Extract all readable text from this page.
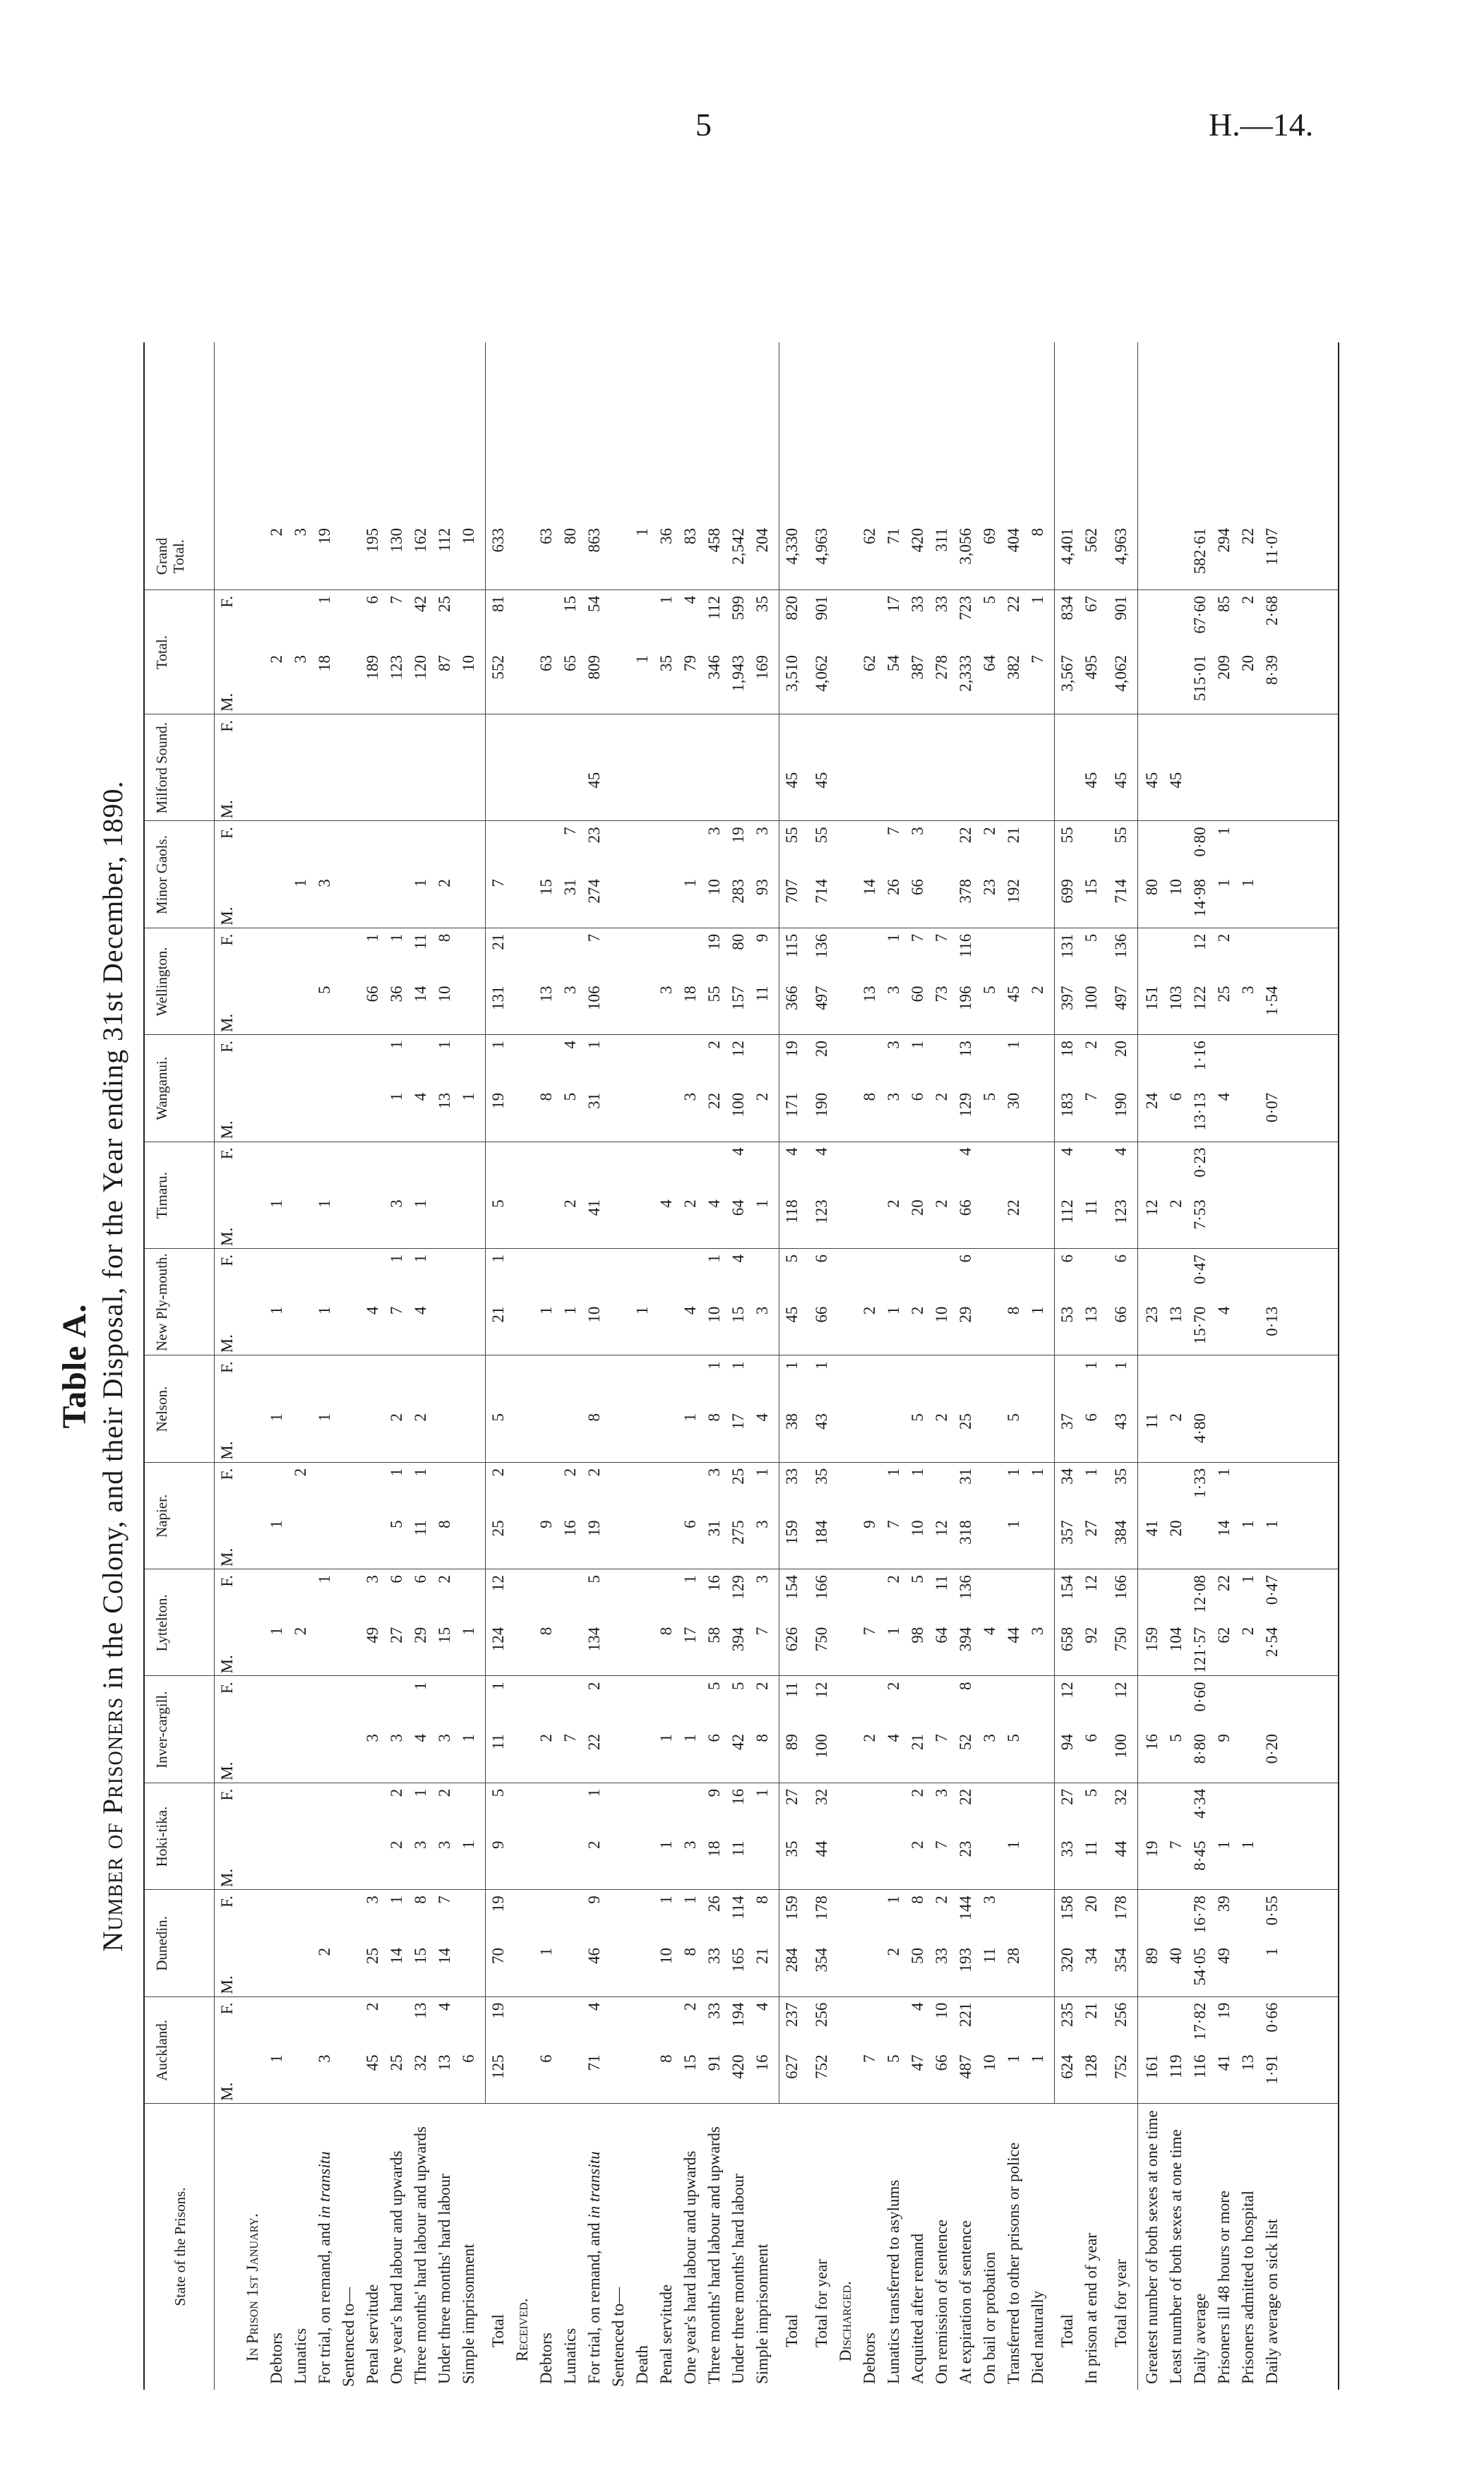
5	H.—14.
Table A.
Number of Prisoners in the Colony, and their Disposal, for the Year ending 31st December, 1890.
State of the Prisons.
Auckland.
Dunedin.
Hoki-tika.
Inver-cargill.
Lyttelton.
Napier.
Nelson.
New Ply-mouth.
Timaru.
Wanganui.
Wellington.
Minor Gaols.
Milford Sound.
Total.
Grand Total.
M.
F.
M.
F.
M.
F.
M.
F.
M.
F.
M.
F.
M.
F.
M.
F.
M.
F.
M.
F.
M.
F.
M.
F.
M.
F.
M.
F.
In Prison 1st January. Debtors
1
1
1
1
1
1
2
2
Lunatics
2
2
1
3
3
For trial, on remand, and in transitu
3
2
1
1
1
1
5
3
18
1
19
Sentenced to— Penal servitude
45
2
25
3
3
49
3
4
66
1
189
6
195
One year's hard labour and upwards
25
14
1
2
2
3
27
6
5
1
2
7
1
3
1
1
36
1
123
7
130
Three months' hard labour and upwards
32
13
15
8
3
1
4
1
29
6
11
1
2
4
1
1
4
14
11
1
120
42
162
Under three months' hard labour
13
4
14
7
3
2
3
15
2
8
13
1
10
8
2
87
25
112
Simple imprisonment
6
1
1
1
1
10
10
Total
125
19
70
19
9
5
11
1
124
12
25
2
5
21
1
5
19
1
131
21
7
552
81
633
Received. Debtors
6
1
2
8
9
1
8
13
15
63
63
Lunatics
7
16
2
1
2
5
4
3
31
7
65
15
80
For trial, on remand, and in transitu
71
4
46
9
2
1
22
2
134
5
19
2
8
10
41
31
1
106
7
274
23
45
809
54
863
Sentenced to— Death
1
1
1
Penal servitude
8
10
1
1
1
8
4
3
35
1
36
One year's hard labour and upwards
15
2
8
1
3
1
17
1
6
1
4
2
3
18
1
79
4
83
Three months' hard labour and upwards
91
33
33
26
18
9
6
5
58
16
31
3
8
1
10
1
4
22
2
55
19
10
3
346
112
458
Under three months' hard labour
420
194
165
114
11
16
42
5
394
129
275
25
17
1
15
4
64
4
100
12
157
80
283
19
1,943
599
2,542
Simple imprisonment
16
4
21
8
1
8
2
7
3
3
1
4
3
1
2
11
9
93
3
169
35
204
Total
627
237
284
159
35
27
89
11
626
154
159
33
38
1
45
5
118
4
171
19
366
115
707
55
45
3,510
820
4,330
Total for year
752
256
354
178
44
32
100
12
750
166
184
35
43
1
66
6
123
4
190
20
497
136
714
55
45
4,062
901
4,963
Discharged. Debtors
7
2
7
9
2
8
13
14
62
62
Lunatics transferred to asylums
5
2
1
4
2
1
2
7
1
1
2
3
3
3
1
26
7
54
17
71
Acquitted after remand
47
4
50
8
2
2
21
98
5
10
1
5
2
20
6
1
60
7
66
3
387
33
420
On remission of sentence
66
10
33
2
7
3
7
64
11
12
2
10
2
2
73
7
278
33
311
At expiration of sentence
487
221
193
144
23
22
52
8
394
136
318
31
25
29
6
66
4
129
13
196
116
378
22
2,333
723
3,056
On bail or probation
10
11
3
3
4
5
5
23
2
64
5
69
Transferred to other prisons or police
1
28
1
5
44
1
1
5
8
22
30
1
45
192
21
382
22
404
Died naturally
1
3
1
1
2
7
1
8
Total
624
235
320
158
33
27
94
12
658
154
357
34
37
53
6
112
4
183
18
397
131
699
55
3,567
834
4,401
In prison at end of year
128
21
34
20
11
5
6
92
12
27
1
6
1
13
11
7
2
100
5
15
45
495
67
562
Total for year
752
256
354
178
44
32
100
12
750
166
384
35
43
1
66
6
123
4
190
20
497
136
714
55
45
4,062
901
4,963
Greatest number of both sexes at one time
161
89
19
16
159
41
11
23
12
24
151
80
45
Least number of both sexes at one time
119
40
7
5
104
20
2
13
2
6
103
10
45
Daily average
116
17·82
54·05
16·78
8·45
4·34
8·80
0·60
121·57
12·08
1·33
4·80
15·70
0·47
7·53
0·23
13·13
1·16
122
12
14·98
0·80
515·01
67·60
582·61
Prisoners ill 48 hours or more
41
19
49
39
1
9
62
22
14
1
4
4
25
2
1
1
209
85
294
Prisoners admitted to hospital
13
1
2
1
1
3
1
20
2
22
Daily average on sick list
1·91
0·66
1
0·55
0·20
2·54
0·47
1
0·13
0·07
1·54
8·39
2·68
11·07
